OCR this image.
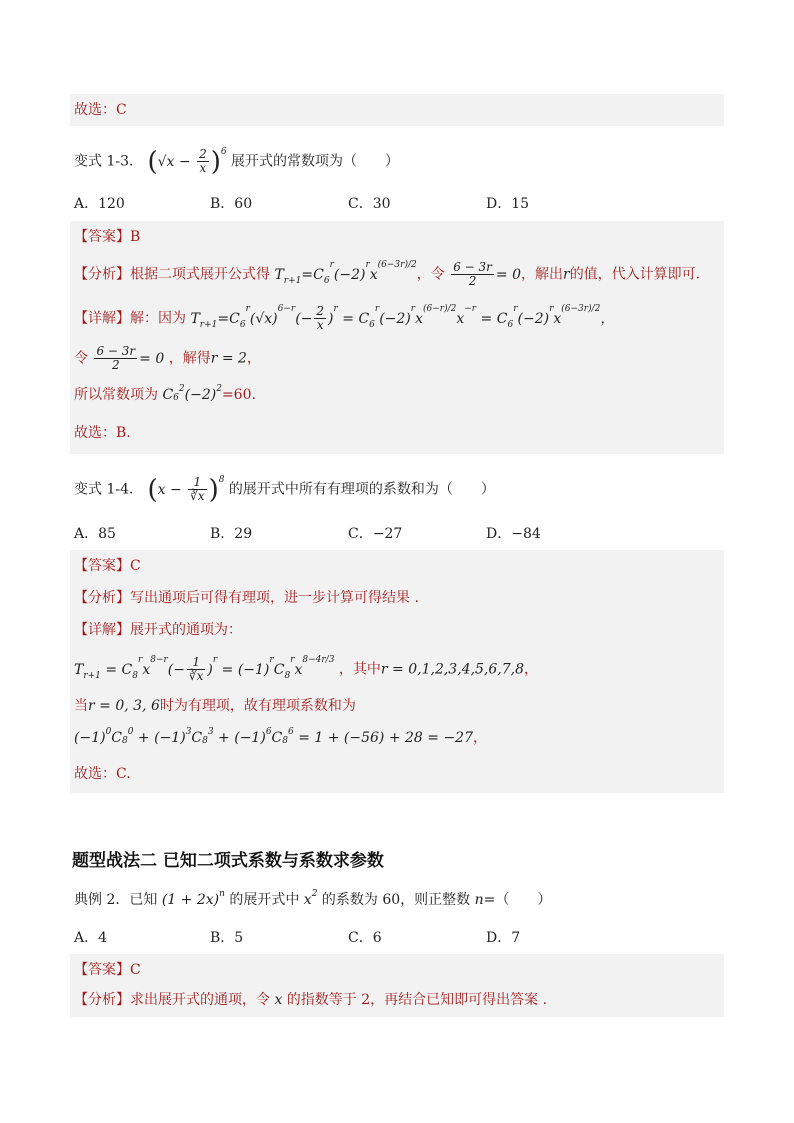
故选：C
变式 1-3． $(√x - \frac{2}{x} )^6$ 展开式的常数项为（　　）
A．120	B．60	C．30	D．15
【答案】B
【分析】根据二项式展开公式得 $T_{r+1}=C_6^r(-2)^rx^{(6-3r)/2}$，令 $\frac{6 - 3r}{2} = 0$，解出r的值，代入计算即可.
【详解】解：因为 $T_{r+1}=C_6^r(√x)^{6-r}(- \frac{2}{x} )^r = C_6^r(-2)^rx^{(6-r)/2}x^{-r} = C_6^r(-2)^rx^{(6-3r)/2}$，
令 $\frac{6 - 3r}{2} = 0$ ，解得r = 2，
所以常数项为 $C_6^2(-2)^2=60$.
故选：B.
变式 1-4． $(x - \frac{1}{∛x} )^8$ 的展开式中所有有理项的系数和为（　　）
A．85	B．29	C．−27	D．−84
【答案】C
【分析】写出通项后可得有理项，进一步计算可得结果 .
【详解】展开式的通项为：
$T_{r+1} = C_8^rx^{8-r}(- \frac{1}{∛x} )^r = (-1)^rC_8^rx^{8-4r/3}$ ，其中r = 0,1,2,3,4,5,6,7,8，
当r = 0, 3, 6时为有理项，故有理项系数和为
$(-1)^0C_8^0 + (-1)^3C_8^3 + (-1)^6C_8^6 = 1 + (-56) + 28 = -27$，
故选：C.
题型战法二 已知二项式系数与系数求参数
典例 2．已知 $(1 + 2x)^n$ 的展开式中 $x^2$ 的系数为 60，则正整数 n=（　　）
A．4	B．5	C．6	D．7
【答案】C
【分析】求出展开式的通项，令 x 的指数等于 2，再结合已知即可得出答案 .
